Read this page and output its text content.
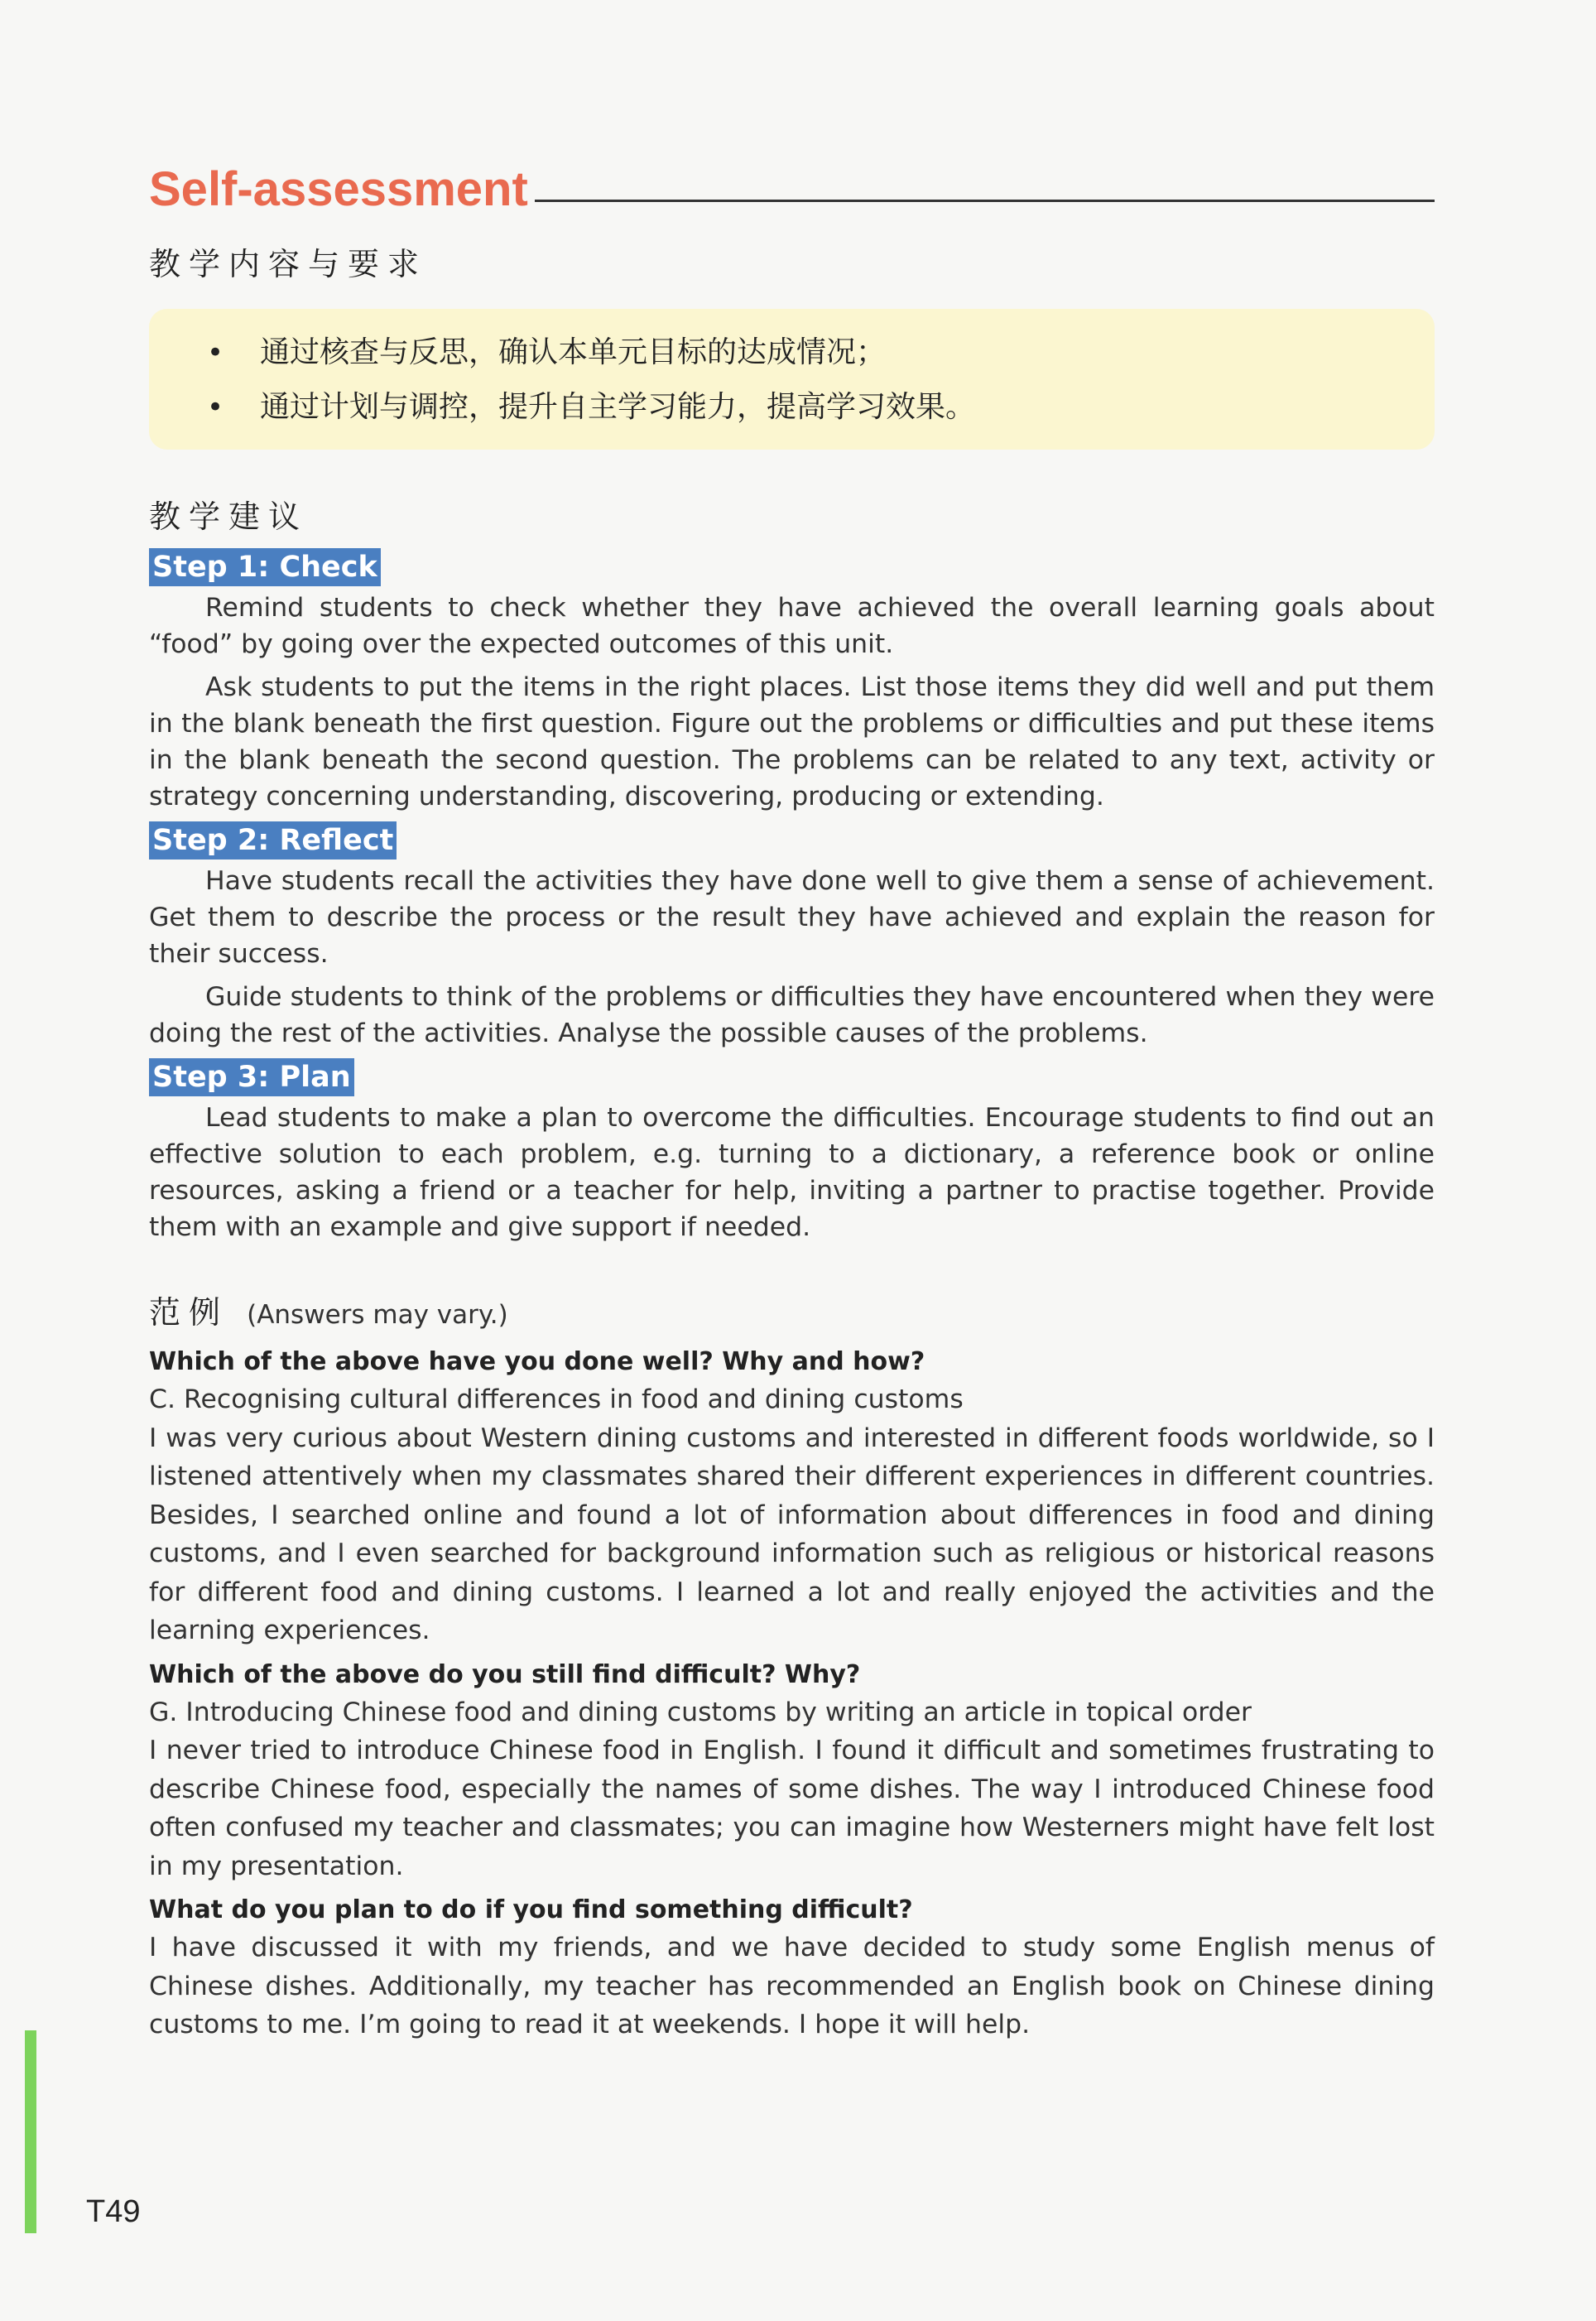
Self-assessment
教学内容与要求
• 通过核查与反思，确认本单元目标的达成情况；
• 通过计划与调控，提升自主学习能力，提高学习效果。
教学建议
Step 1: Check

Remind students to check whether they have achieved the overall learning goals about “food” by going over the expected outcomes of this unit.

Ask students to put the items in the right places. List those items they did well and put them in the blank beneath the first question. Figure out the problems or difficulties and put these items in the blank beneath the second question. The problems can be related to any text, activity or strategy concerning understanding, discovering, producing or extending.

Step 2: Reflect

Have students recall the activities they have done well to give them a sense of achievement. Get them to describe the process or the result they have achieved and explain the reason for their success.

Guide students to think of the problems or difficulties they have encountered when they were doing the rest of the activities. Analyse the possible causes of the problems.

Step 3: Plan

Lead students to make a plan to overcome the difficulties. Encourage students to find out an effective solution to each problem, e.g. turning to a dictionary, a reference book or online resources, asking a friend or a teacher for help, inviting a partner to practise together. Provide them with an example and give support if needed.

范例 (Answers may vary.)
Which of the above have you done well? Why and how?

C. Recognising cultural differences in food and dining customs

I was very curious about Western dining customs and interested in different foods worldwide, so I listened attentively when my classmates shared their different experiences in different countries. Besides, I searched online and found a lot of information about differences in food and dining customs, and I even searched for background information such as religious or historical reasons for different food and dining customs. I learned a lot and really enjoyed the activities and the learning experiences.

Which of the above do you still find difficult? Why?

G. Introducing Chinese food and dining customs by writing an article in topical order

I never tried to introduce Chinese food in English. I found it difficult and sometimes frustrating to describe Chinese food, especially the names of some dishes. The way I introduced Chinese food often confused my teacher and classmates; you can imagine how Westerners might have felt lost in my presentation.

What do you plan to do if you find something difficult?

I have discussed it with my friends, and we have decided to study some English menus of Chinese dishes. Additionally, my teacher has recommended an English book on Chinese dining customs to me. I’m going to read it at weekends. I hope it will help.

T49
